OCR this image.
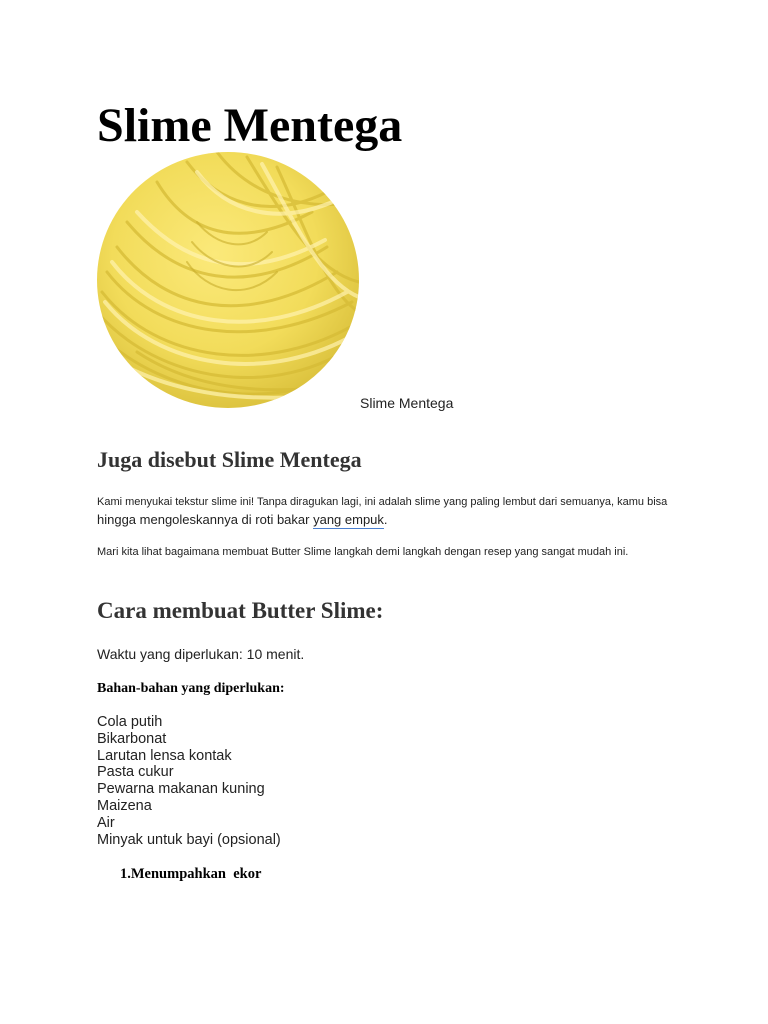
Slime Mentega
Slime Mentega
Juga disebut Slime Mentega
Kami menyukai tekstur slime ini! Tanpa diragukan lagi, ini adalah slime yang paling lembut dari semuanya, kamu bisa
hingga mengoleskannya di roti bakar yang empuk.
Mari kita lihat bagaimana membuat Butter Slime langkah demi langkah dengan resep yang sangat mudah ini.
Cara membuat Butter Slime:
Waktu yang diperlukan: 10 menit.
Bahan-bahan yang diperlukan:
Cola putih
Bikarbonat
Larutan lensa kontak
Pasta cukur
Pewarna makanan kuning
Maizena
Air
Minyak untuk bayi (opsional)
1.Menumpahkan  ekor
